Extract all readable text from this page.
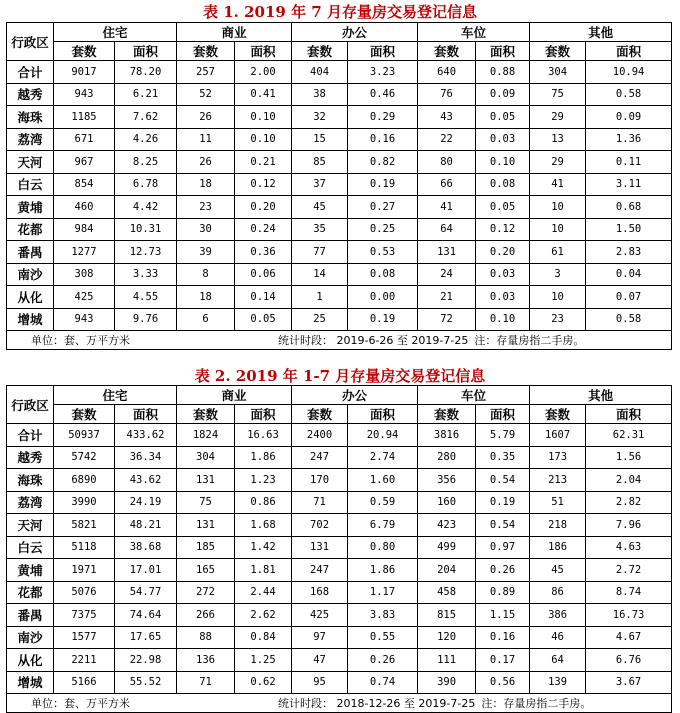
表 1. 2019 年 7 月存量房交易登记信息
行政区	住宅		商业		办公		车位		其他	
	套数	面积	套数	面积	套数	面积	套数	面积	套数	面积
合计	9017	78.20	257	2.00	404	3.23	640	0.88	304	10.94
越秀	943	6.21	52	0.41	38	0.46	76	0.09	75	0.58
海珠	1185	7.62	26	0.10	32	0.29	43	0.05	29	0.09
荔湾	671	4.26	11	0.10	15	0.16	22	0.03	13	1.36
天河	967	8.25	26	0.21	85	0.82	80	0.10	29	0.11
白云	854	6.78	18	0.12	37	0.19	66	0.08	41	3.11
黄埔	460	4.42	23	0.20	45	0.27	41	0.05	10	0.68
花都	984	10.31	30	0.24	35	0.25	64	0.12	10	1.50
番禺	1277	12.73	39	0.36	77	0.53	131	0.20	61	2.83
南沙	308	3.33	8	0.06	14	0.08	24	0.03	3	0.04
从化	425	4.55	18	0.14	1	0.00	21	0.03	10	0.07
增城	943	9.76	6	0.05	25	0.19	72	0.10	23	0.58
单位：套、万平方米 统计时段： 2019-6-26 至 2019-7-25 注：存量房指二手房。										
表 2. 2019 年 1-7 月存量房交易登记信息
行政区	住宅		商业		办公		车位		其他	
	套数	面积	套数	面积	套数	面积	套数	面积	套数	面积
合计	50937	433.62	1824	16.63	2400	20.94	3816	5.79	1607	62.31
越秀	5742	36.34	304	1.86	247	2.74	280	0.35	173	1.56
海珠	6890	43.62	131	1.23	170	1.60	356	0.54	213	2.04
荔湾	3990	24.19	75	0.86	71	0.59	160	0.19	51	2.82
天河	5821	48.21	131	1.68	702	6.79	423	0.54	218	7.96
白云	5118	38.68	185	1.42	131	0.80	499	0.97	186	4.63
黄埔	1971	17.01	165	1.81	247	1.86	204	0.26	45	2.72
花都	5076	54.77	272	2.44	168	1.17	458	0.89	86	8.74
番禺	7375	74.64	266	2.62	425	3.83	815	1.15	386	16.73
南沙	1577	17.65	88	0.84	97	0.55	120	0.16	46	4.67
从化	2211	22.98	136	1.25	47	0.26	111	0.17	64	6.76
增城	5166	55.52	71	0.62	95	0.74	390	0.56	139	3.67
单位：套、万平方米 统计时段： 2018-12-26 至 2019-7-25 注：存量房指二手房。										
